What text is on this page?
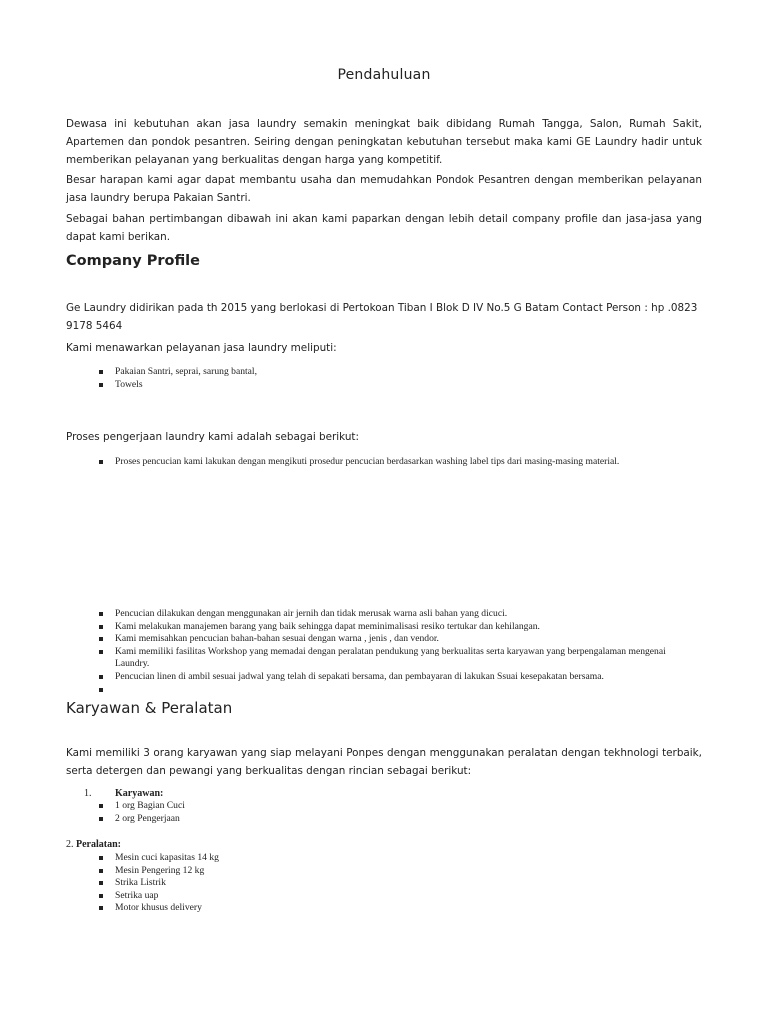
Pendahuluan

Dewasa ini kebutuhan akan jasa laundry semakin meningkat baik dibidang Rumah Tangga, Salon, Rumah Sakit, Apartemen dan pondok pesantren. Seiring dengan peningkatan kebutuhan tersebut maka kami GE Laundry hadir untuk memberikan pelayanan yang berkualitas dengan harga yang kompetitif.

Besar harapan kami agar dapat membantu usaha dan memudahkan Pondok Pesantren dengan memberikan pelayanan jasa laundry berupa Pakaian Santri.

Sebagai bahan pertimbangan dibawah ini akan kami paparkan dengan lebih detail company profile dan jasa-jasa yang dapat kami berikan.

Company Profile

Ge Laundry didirikan pada th 2015 yang berlokasi di Pertokoan Tiban I Blok D IV No.5 G Batam Contact Person : hp .0823 9178 5464

Kami menawarkan pelayanan jasa laundry meliputi:

Pakaian Santri, seprai, sarung bantal,
Towels

Proses pengerjaan laundry kami adalah sebagai berikut:

Proses pencucian kami lakukan dengan mengikuti prosedur pencucian berdasarkan washing label tips dari masing-masing material.
Pencucian dilakukan dengan menggunakan air jernih dan tidak merusak warna asli bahan yang dicuci.
Kami melakukan manajemen barang yang baik sehingga dapat meminimalisasi resiko tertukar dan kehilangan.
Kami memisahkan pencucian bahan-bahan sesuai dengan warna , jenis , dan vendor.
Kami memiliki fasilitas Workshop yang memadai dengan peralatan pendukung yang berkualitas serta karyawan yang berpengalaman mengenai Laundry.
Pencucian linen di ambil sesuai jadwal yang telah di sepakati bersama, dan pembayaran di lakukan Ssuai kesepakatan bersama.

Karyawan & Peralatan

Kami memiliki 3 orang karyawan yang siap melayani Ponpes dengan menggunakan peralatan dengan tekhnologi terbaik, serta detergen dan pewangi yang berkualitas dengan rincian sebagai berikut:

1. Karyawan:
1 org Bagian Cuci
2 org Pengerjaan
2. Peralatan:
Mesin cuci kapasitas 14 kg
Mesin Pengering 12 kg
Strika Listrik
Setrika uap
Motor khusus delivery
